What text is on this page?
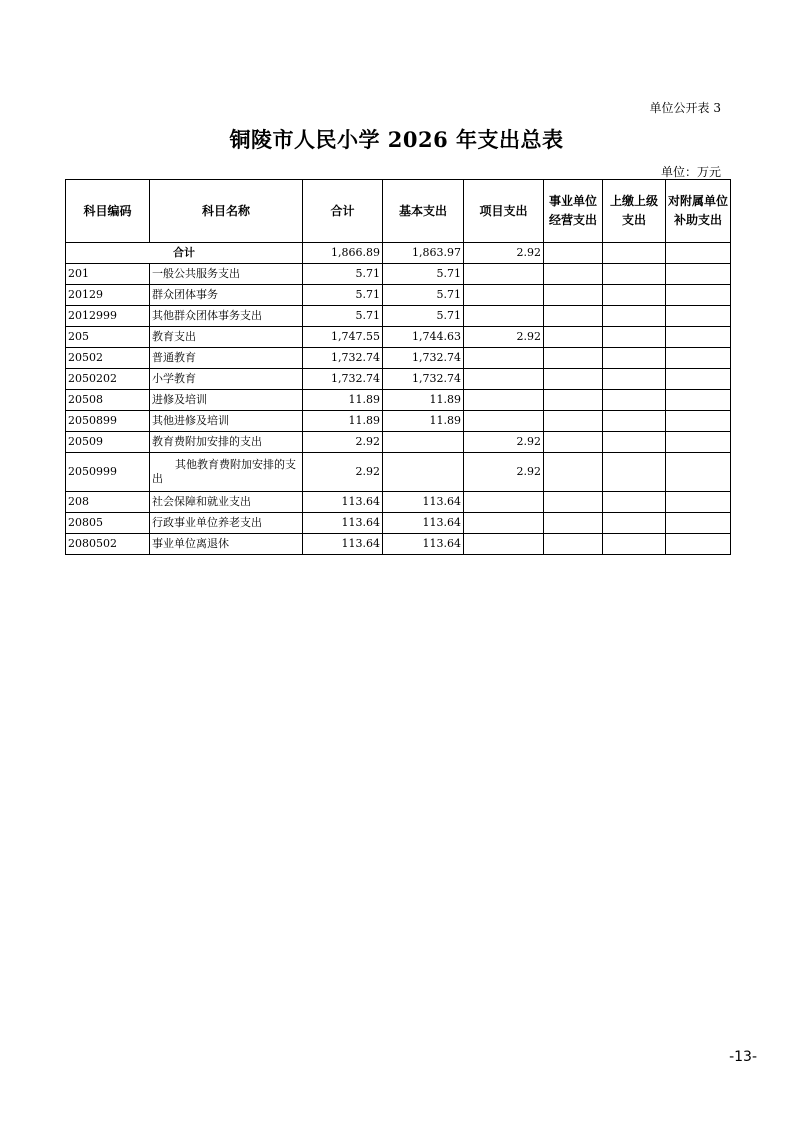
单位公开表 3
铜陵市人民小学 2026 年支出总表
单位：万元
科目编码	科目名称	合计	基本支出	项目支出	事业单位经营支出	上缴上级支出	对附属单位补助支出
合计		1,866.89	1,863.97	2.92			
201	一般公共服务支出	5.71	5.71				
20129	群众团体事务	5.71	5.71				
2012999	其他群众团体事务支出	5.71	5.71				
205	教育支出	1,747.55	1,744.63	2.92			
20502	普通教育	1,732.74	1,732.74				
2050202	小学教育	1,732.74	1,732.74				
20508	进修及培训	11.89	11.89				
2050899	其他进修及培训	11.89	11.89				
20509	教育费附加安排的支出	2.92		2.92			
2050999	其他教育费附加安排的支出	2.92		2.92			
208	社会保障和就业支出	113.64	113.64				
20805	行政事业单位养老支出	113.64	113.64				
2080502	事业单位离退休	113.64	113.64				
-13-
